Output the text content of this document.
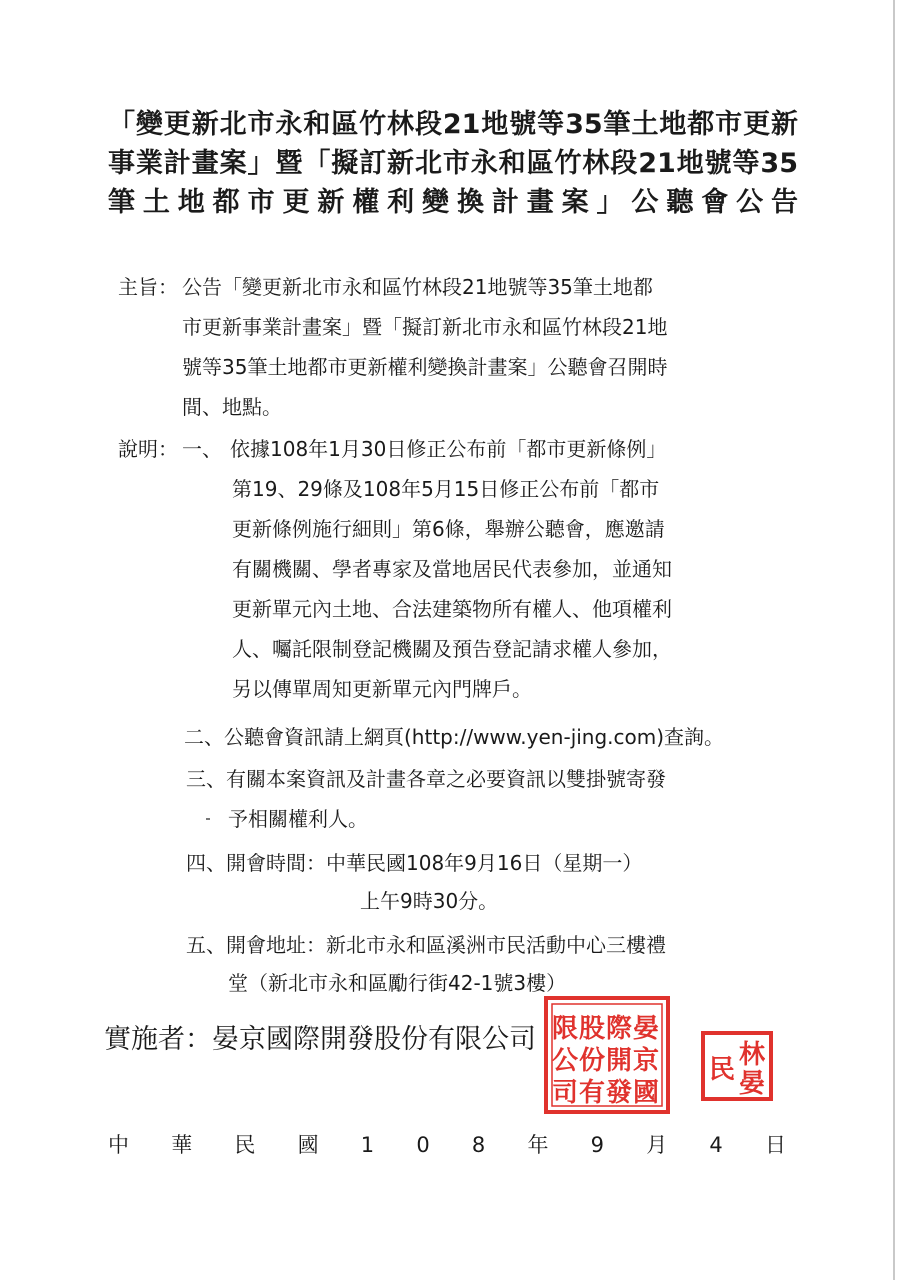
「變更新北市永和區竹林段21地號等35筆土地都市更新
事業計畫案」暨「擬訂新北市永和區竹林段21地號等35
筆土地都市更新權利變換計畫案」公聽會公告

主旨： 公告「變更新北市永和區竹林段21地號等35筆土地都

市更新事業計畫案」暨「擬訂新北市永和區竹林段21地

號等35筆土地都市更新權利變換計畫案」公聽會召開時

間、地點。

說明： 一、 依據108年1月30日修正公布前「都市更新條例」

第19、29條及108年5月15日修正公布前「都市

更新條例施行細則」第6條，舉辦公聽會，應邀請

有關機關、學者專家及當地居民代表參加，並通知

更新單元內土地、合法建築物所有權人、他項權利

人、囑託限制登記機關及預告登記請求權人參加，

另以傳單周知更新單元內門牌戶。

二、公聽會資訊請上網頁(http://www.yen-jing.com)查詢。

三、有關本案資訊及計畫各章之必要資訊以雙掛號寄發

予相關權利人。

四、開會時間：中華民國108年9月16日（星期一）

上午9時30分。

五、開會地址：新北市永和區溪洲市民活動中心三樓禮

堂（新北市永和區勵行街42-1號3樓）

實施者：晏京國際開發股份有限公司	晏
京
國
際
開
發
股
份
有
限
公
司
林
晏
民
中 華 民 國 1 0 8 年 9 月 4 日
